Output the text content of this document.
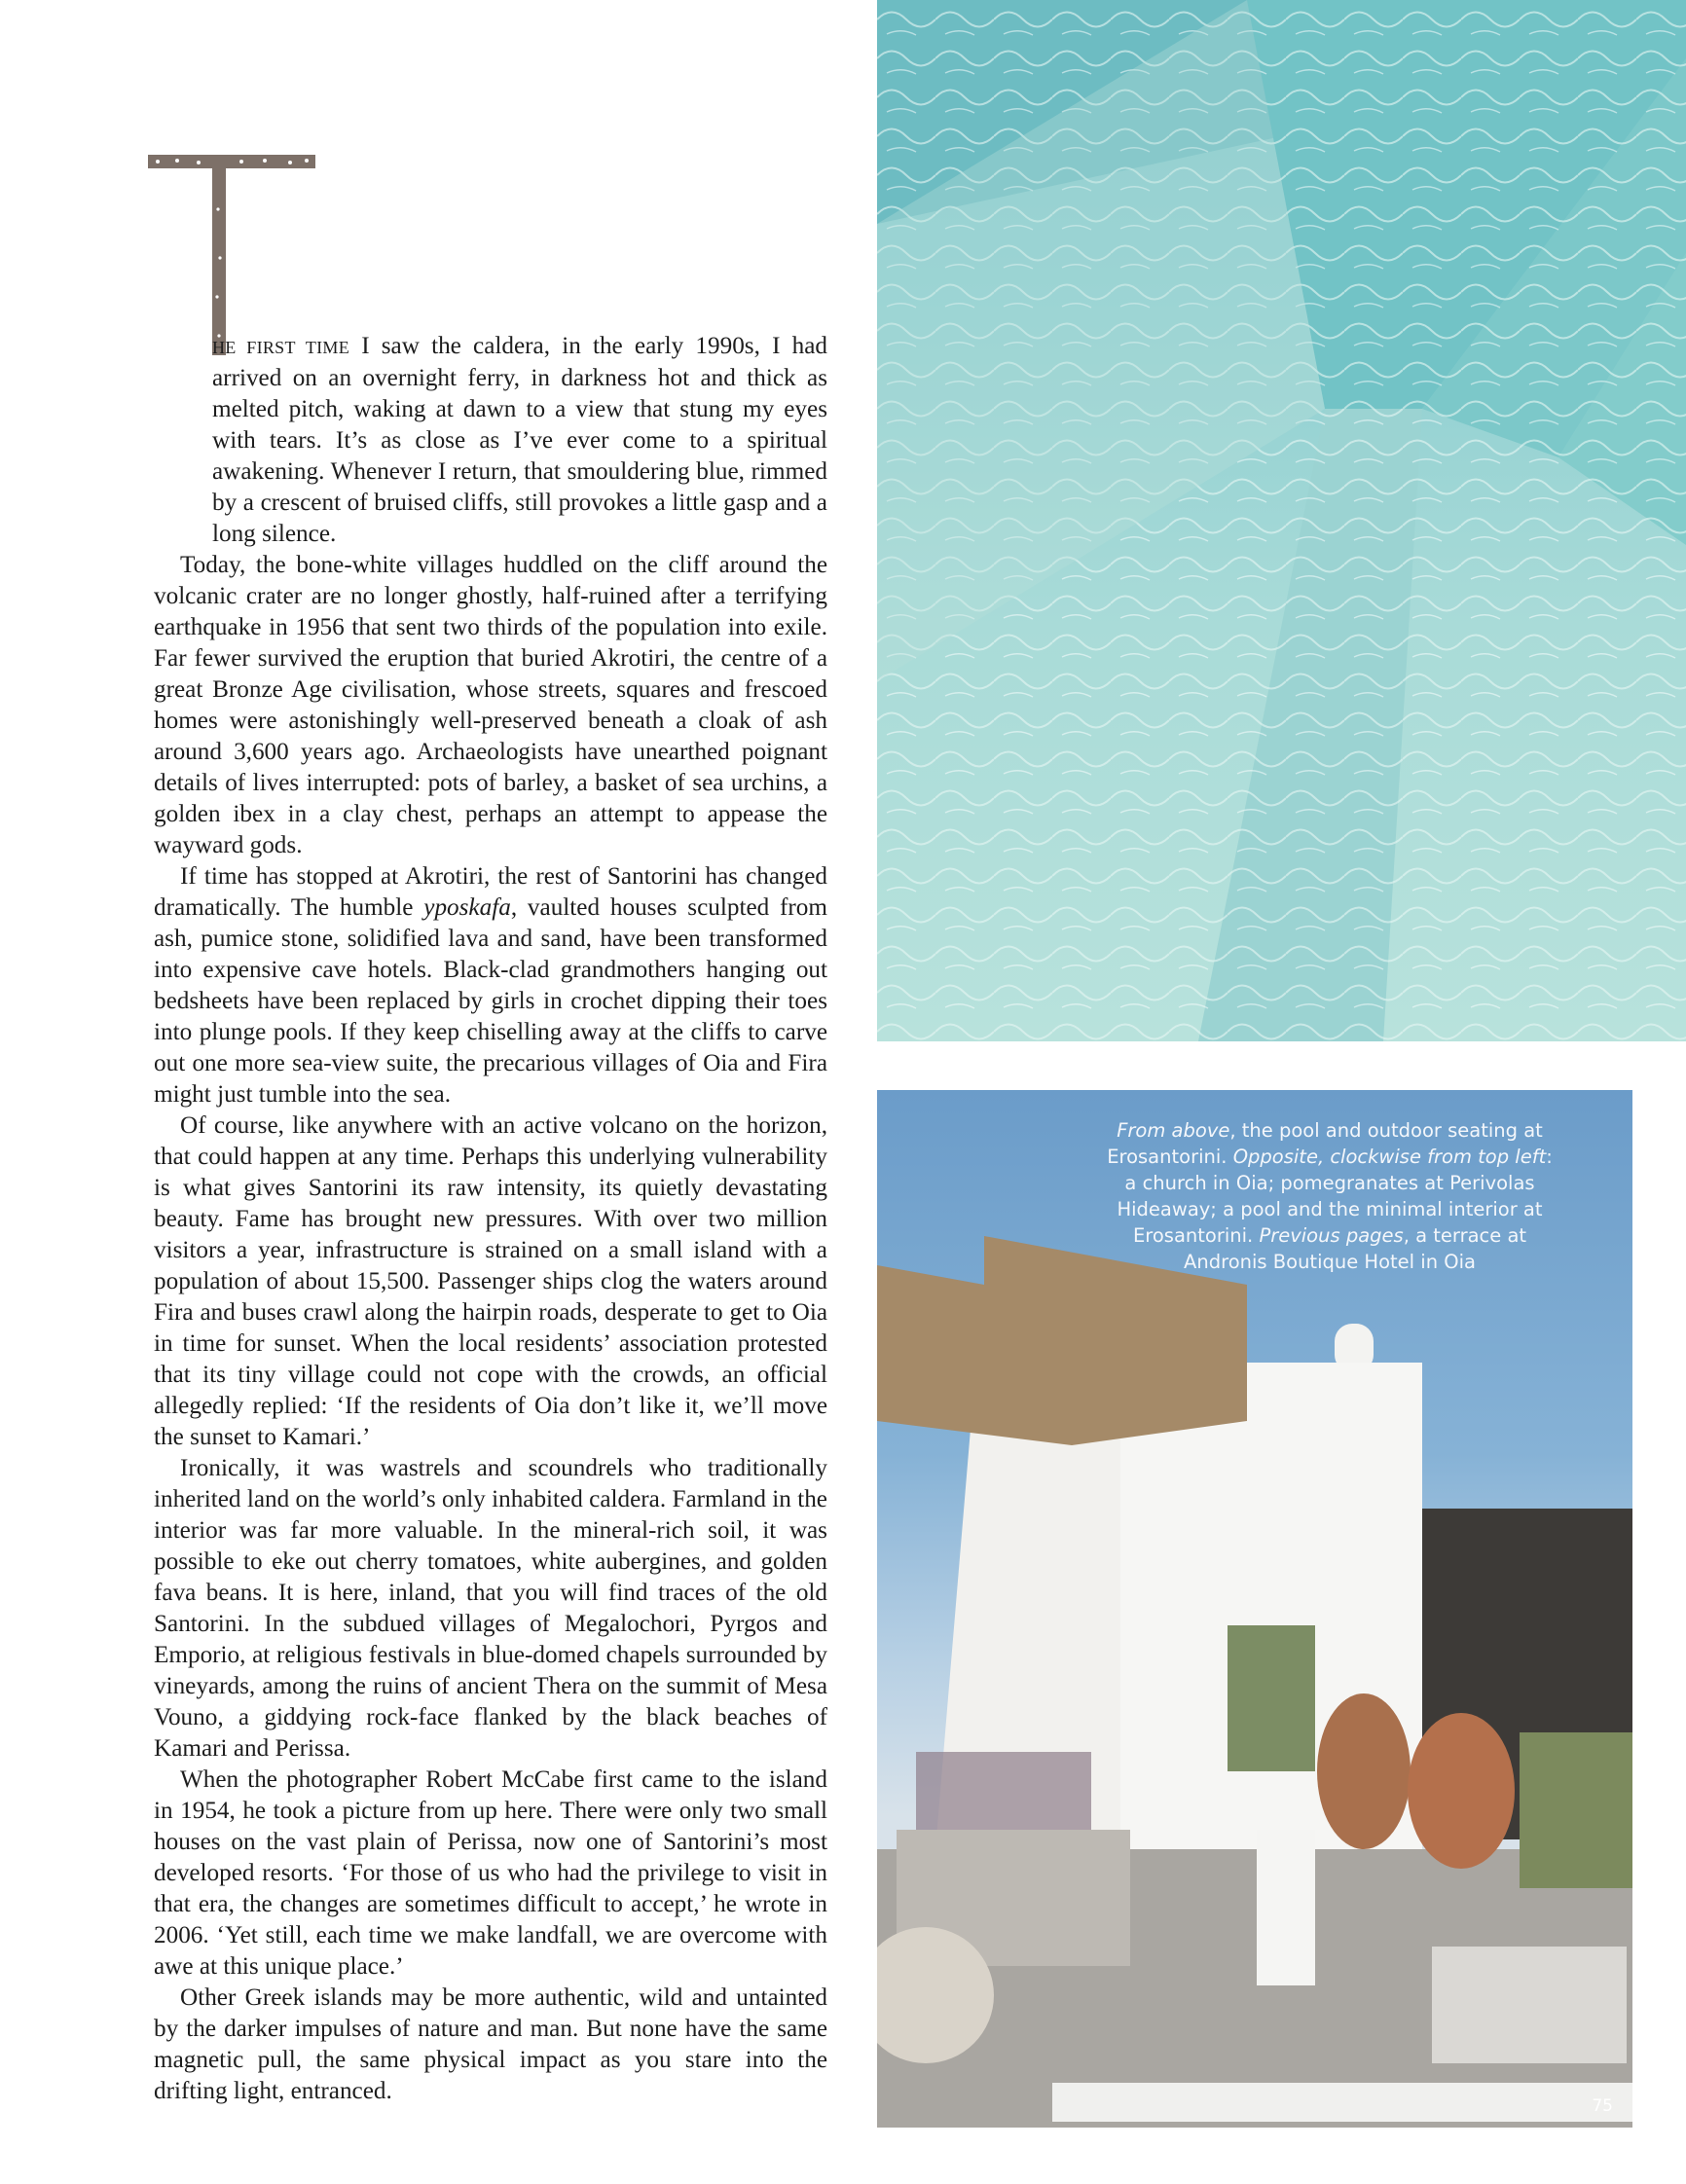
HE FIRST TIME I saw the caldera, in the early 1990s, I had arrived on an overnight ferry, in darkness hot and thick as melted pitch, waking at dawn to a view that stung my eyes with tears. It’s as close as I’ve ever come to a spiritual awakening. Whenever I return, that smouldering blue, rimmed by a crescent of bruised cliffs, still provokes a little gasp and a long silence.

Today, the bone-white villages huddled on the cliff around the volcanic crater are no longer ghostly, half-ruined after a terrifying earthquake in 1956 that sent two thirds of the population into exile. Far fewer survived the eruption that buried Akrotiri, the centre of a great Bronze Age civilisation, whose streets, squares and frescoed homes were astonishingly well-preserved beneath a cloak of ash around 3,600 years ago. Archaeologists have unearthed poignant details of lives interrupted: pots of barley, a basket of sea urchins, a golden ibex in a clay chest, perhaps an attempt to appease the wayward gods.

If time has stopped at Akrotiri, the rest of Santorini has changed dramatically. The humble yposkafa, vaulted houses sculpted from ash, pumice stone, solidified lava and sand, have been transformed into expensive cave hotels. Black-clad grandmothers hanging out bedsheets have been replaced by girls in crochet dipping their toes into plunge pools. If they keep chiselling away at the cliffs to carve out one more sea-view suite, the precarious villages of Oia and Fira might just tumble into the sea.

Of course, like anywhere with an active volcano on the horizon, that could happen at any time. Perhaps this underlying vulnerability is what gives Santorini its raw intensity, its quietly devastating beauty. Fame has brought new pressures. With over two million visitors a year, infrastructure is strained on a small island with a population of about 15,500. Passenger ships clog the waters around Fira and buses crawl along the hairpin roads, desperate to get to Oia in time for sunset. When the local residents’ association protested that its tiny village could not cope with the crowds, an official allegedly replied: ‘If the residents of Oia don’t like it, we’ll move the sunset to Kamari.’

Ironically, it was wastrels and scoundrels who traditionally inherited land on the world’s only inhabited caldera. Farmland in the interior was far more valuable. In the mineral-rich soil, it was possible to eke out cherry tomatoes, white aubergines, and golden fava beans. It is here, inland, that you will find traces of the old Santorini. In the subdued villages of Megalochori, Pyrgos and Emporio, at religious festivals in blue-domed chapels surrounded by vineyards, among the ruins of ancient Thera on the summit of Mesa Vouno, a giddying rock-face flanked by the black beaches of Kamari and Perissa.

When the photographer Robert McCabe first came to the island in 1954, he took a picture from up here. There were only two small houses on the vast plain of Perissa, now one of Santorini’s most developed resorts. ‘For those of us who had the privilege to visit in that era, the changes are sometimes difficult to accept,’ he wrote in 2006. ‘Yet still, each time we make landfall, we are overcome with awe at this unique place.’

Other Greek islands may be more authentic, wild and untainted by the darker impulses of nature and man. But none have the same magnetic pull, the same physical impact as you stare into the drifting light, entranced.

From above, the pool and outdoor seating at Erosantorini. Opposite, clockwise from top left: a church in Oia; pomegranates at Perivolas Hideaway; a pool and the minimal interior at Erosantorini. Previous pages, a terrace at Andronis Boutique Hotel in Oia
75
